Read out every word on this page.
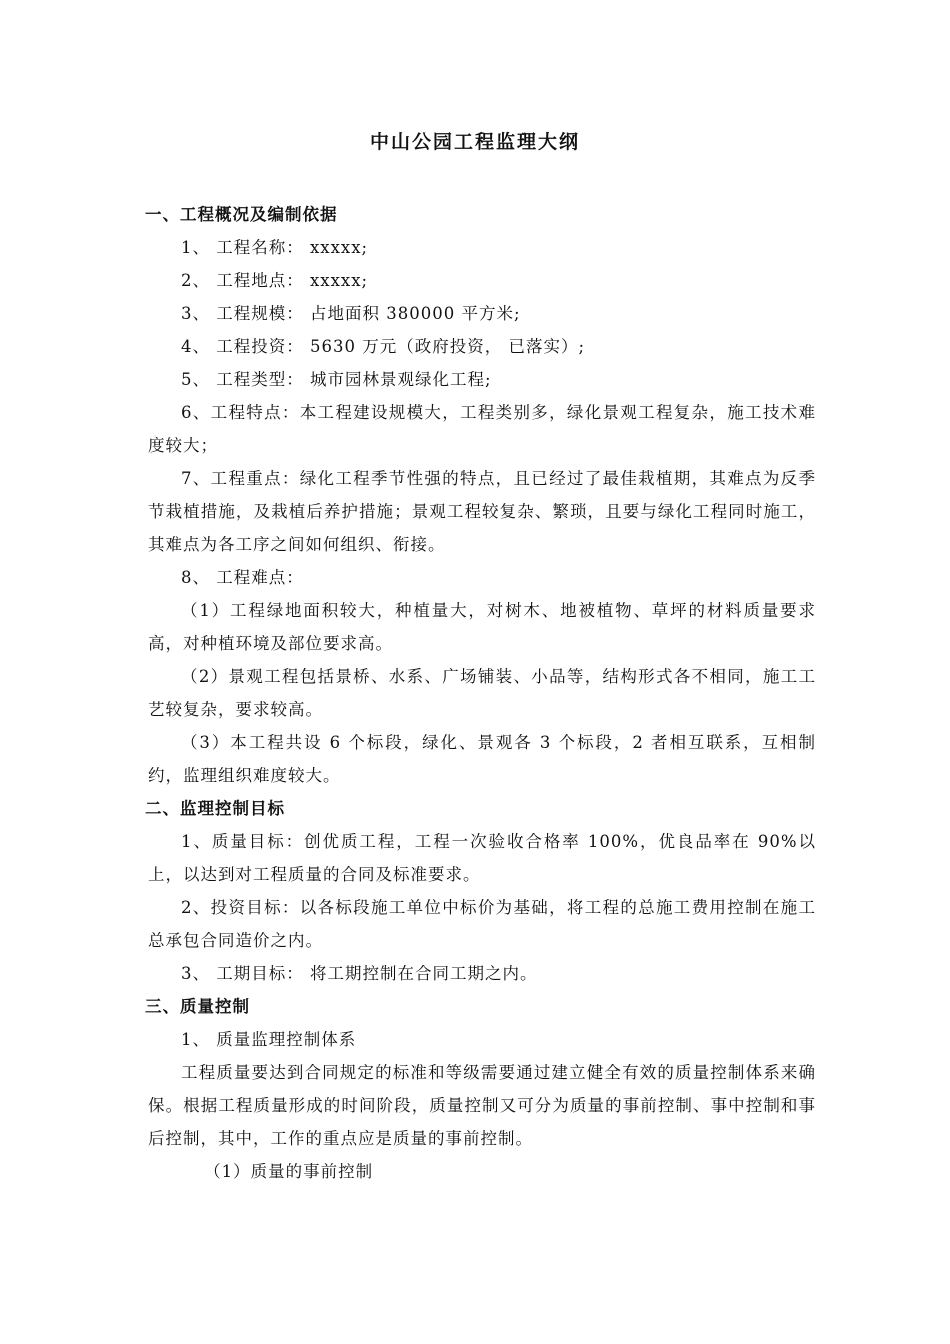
中山公园工程监理大纲
一、工程概况及编制依据

1、 工程名称： xxxxx;

2、 工程地点： xxxxx;

3、 工程规模： 占地面积 380000 平方米;

4、 工程投资： 5630 万元（政府投资， 已落实）;

5、 工程类型： 城市园林景观绿化工程;

6、工程特点：本工程建设规模大，工程类别多，绿化景观工程复杂，施工技术难度较大；

7、工程重点：绿化工程季节性强的特点，且已经过了最佳栽植期，其难点为反季节栽植措施，及栽植后养护措施；景观工程较复杂、繁琐，且要与绿化工程同时施工，其难点为各工序之间如何组织、衔接。

8、 工程难点：

（1）工程绿地面积较大，种植量大，对树木、地被植物、草坪的材料质量要求高，对种植环境及部位要求高。

（2）景观工程包括景桥、水系、广场铺装、小品等，结构形式各不相同，施工工艺较复杂，要求较高。

（3）本工程共设 6 个标段，绿化、景观各 3 个标段，2 者相互联系，互相制约，监理组织难度较大。

二、监理控制目标

1、质量目标：创优质工程，工程一次验收合格率 100%，优良品率在 90%以上，以达到对工程质量的合同及标准要求。

2、投资目标：以各标段施工单位中标价为基础，将工程的总施工费用控制在施工总承包合同造价之内。

3、 工期目标： 将工期控制在合同工期之内。

三、质量控制

1、 质量监理控制体系

工程质量要达到合同规定的标准和等级需要通过建立健全有效的质量控制体系来确保。根据工程质量形成的时间阶段，质量控制又可分为质量的事前控制、事中控制和事后控制，其中，工作的重点应是质量的事前控制。

（1）质量的事前控制
